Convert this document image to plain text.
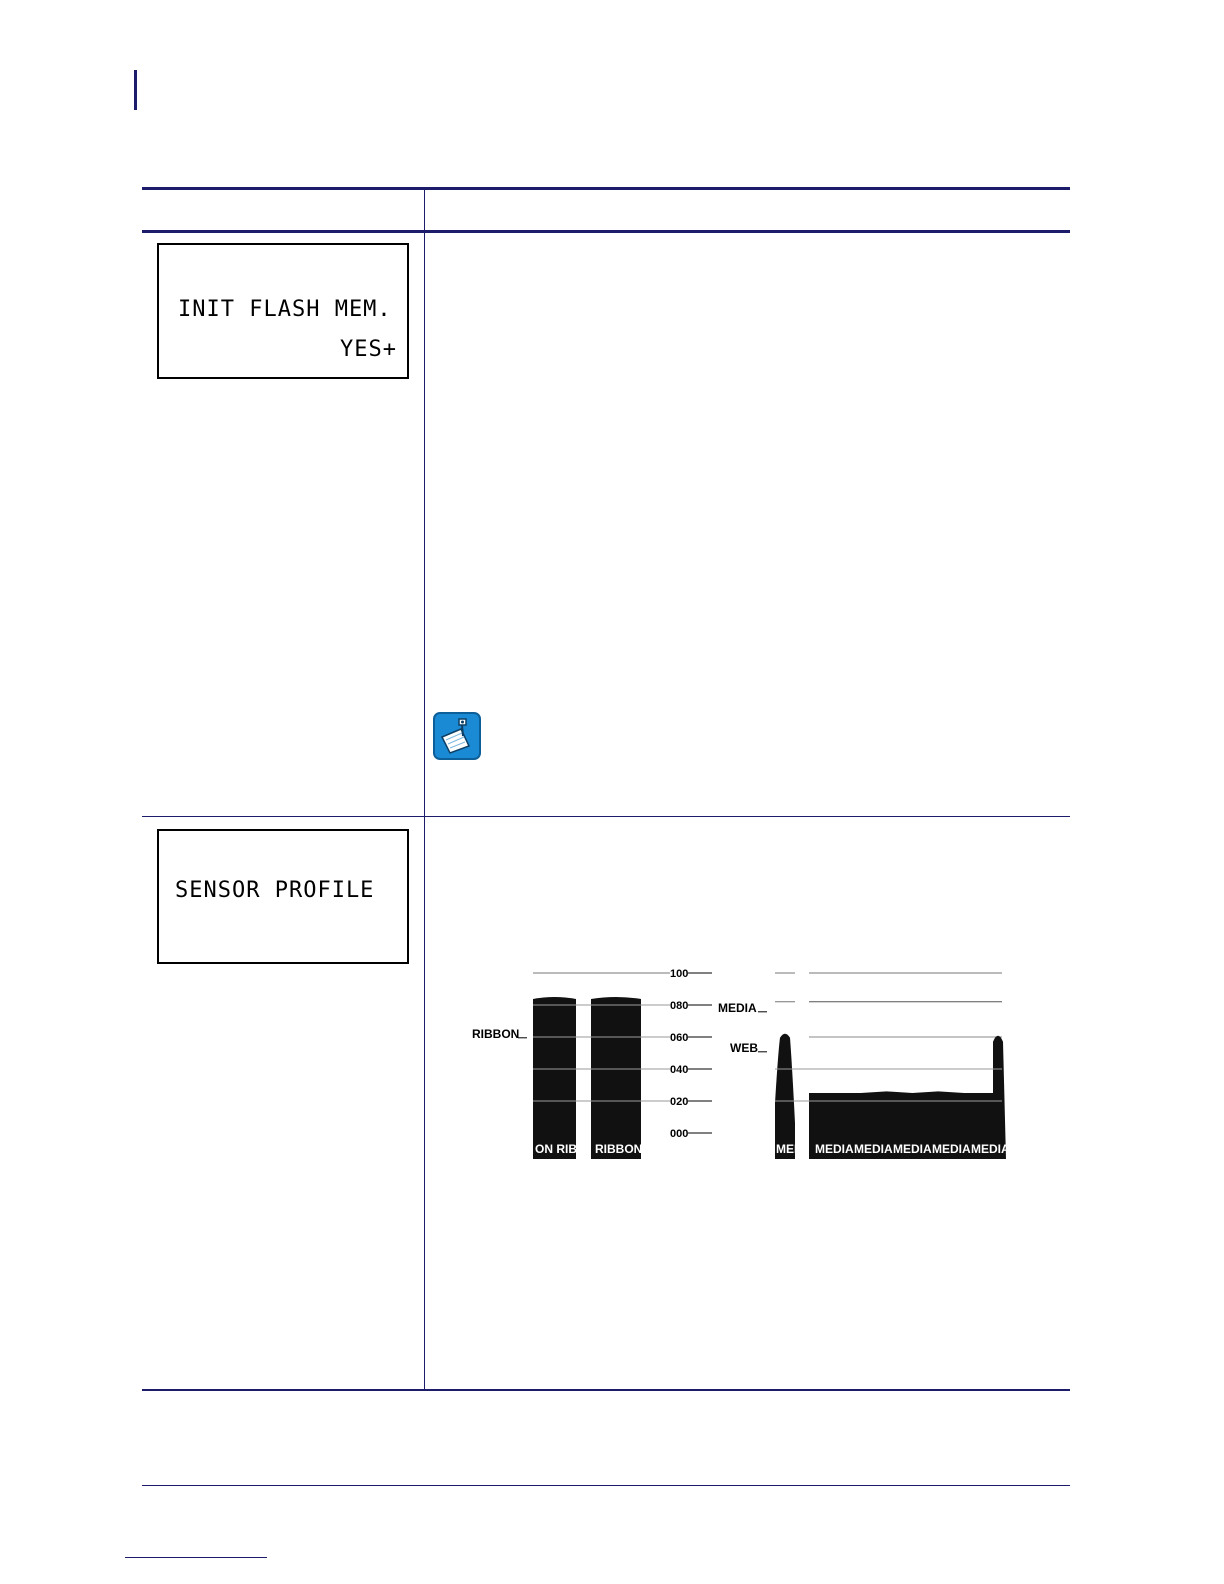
INIT FLASH MEM.
YES+
SENSOR PROFILE
000
020
040
060
080
100
ON RIBB RIBBON
RIBBON
MEDIA
WEB
MEI MEDIA MEDIA MEDIA MEDIA MEDIA
